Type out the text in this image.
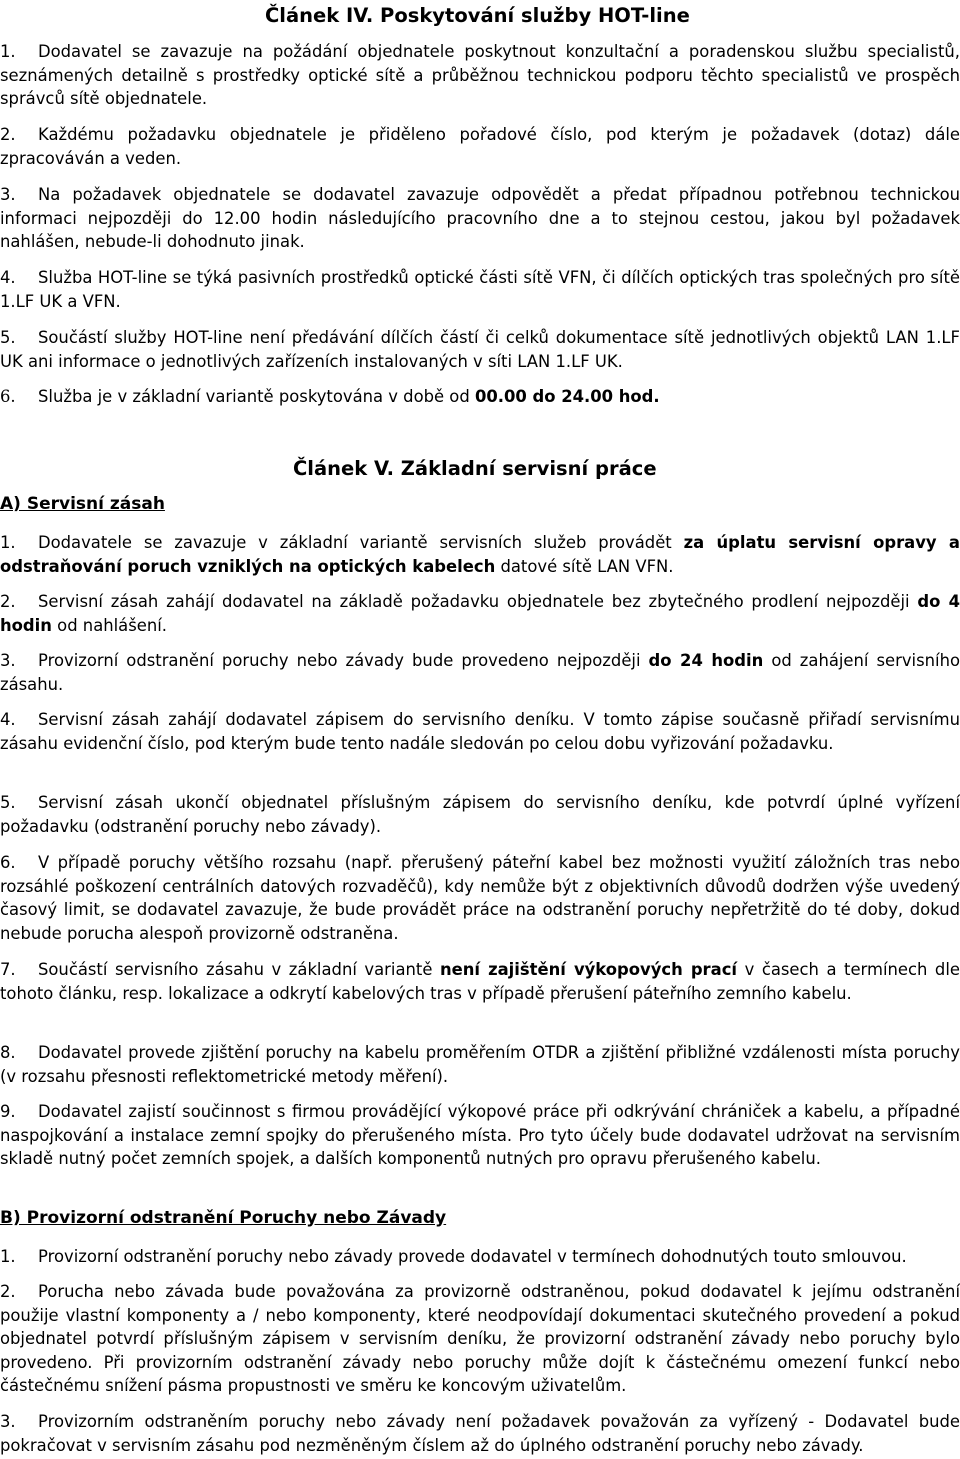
Článek IV. Poskytování služby HOT-line
1.	Dodavatel se zavazuje na požádání objednatele poskytnout konzultační a poradenskou službu specialistů, seznámených detailně s prostředky optické sítě a průběžnou technickou podporu těchto specialistů ve prospěch správců sítě objednatele.
2.	Každému požadavku objednatele je přiděleno pořadové číslo, pod kterým je požadavek (dotaz) dále zpracováván a veden.
3.	Na požadavek objednatele se dodavatel zavazuje odpovědět a předat případnou potřebnou technickou informaci nejpozději do 12.00 hodin následujícího pracovního dne a to stejnou cestou, jakou byl požadavek nahlášen, nebude-li dohodnuto jinak.
4.	Služba HOT-line se týká pasivních prostředků optické části sítě VFN, či dílčích optických tras společných pro sítě 1.LF UK a VFN.
5.	Součástí služby HOT-line není předávání dílčích částí či celků dokumentace sítě jednotlivých objektů LAN 1.LF UK ani informace o jednotlivých zařízeních instalovaných v síti LAN 1.LF UK.
6.	Služba je v základní variantě poskytována v době od 00.00 do 24.00 hod.
Článek V. Základní servisní práce
A) Servisní zásah
1.	Dodavatele se zavazuje v základní variantě servisních služeb provádět za úplatu servisní opravy a odstraňování poruch vzniklých na optických kabelech datové sítě LAN VFN.
2.	Servisní zásah zahájí dodavatel na základě požadavku objednatele bez zbytečného prodlení nejpozději do 4 hodin od nahlášení.
3.	Provizorní odstranění poruchy nebo závady bude provedeno nejpozději do 24 hodin od zahájení servisního zásahu.
4.	Servisní zásah zahájí dodavatel zápisem do servisního deníku. V tomto zápise současně přiřadí servisnímu zásahu evidenční číslo, pod kterým bude tento nadále sledován po celou dobu vyřizování požadavku.
5.	Servisní zásah ukončí objednatel příslušným zápisem do servisního deníku, kde potvrdí úplné vyřízení požadavku (odstranění poruchy nebo závady).
6.	V případě poruchy většího rozsahu (např. přerušený páteřní kabel bez možnosti využití záložních tras nebo rozsáhlé poškození centrálních datových rozvaděčů), kdy nemůže být z objektivních důvodů dodržen výše uvedený časový limit, se dodavatel zavazuje, že bude provádět práce na odstranění poruchy nepřetržitě do té doby, dokud nebude porucha alespoň provizorně odstraněna.
7.	Součástí servisního zásahu v základní variantě není zajištění výkopových prací v časech a termínech dle tohoto článku, resp. lokalizace a odkrytí kabelových tras v případě přerušení páteřního zemního kabelu.
8.	Dodavatel provede zjištění poruchy na kabelu proměřením OTDR a zjištění přibližné vzdálenosti místa poruchy (v rozsahu přesnosti reflektometrické metody měření).
9.	Dodavatel zajistí součinnost s firmou provádějící výkopové práce při odkrývání chrániček a kabelu, a případné naspojkování a instalace zemní spojky do přerušeného místa. Pro tyto účely bude dodavatel udržovat na servisním skladě nutný počet zemních spojek, a dalších komponentů nutných pro opravu přerušeného kabelu.
B) Provizorní odstranění Poruchy nebo Závady
1.	Provizorní odstranění poruchy nebo závady provede dodavatel v termínech dohodnutých touto smlouvou.
2.	Porucha nebo závada bude považována za provizorně odstraněnou, pokud dodavatel k jejímu odstranění použije vlastní komponenty a / nebo komponenty, které neodpovídají dokumentaci skutečného provedení a pokud objednatel potvrdí příslušným zápisem v servisním deníku, že provizorní odstranění závady nebo poruchy bylo provedeno. Při provizorním odstranění závady nebo poruchy může dojít k částečnému omezení funkcí nebo částečnému snížení pásma propustnosti ve směru ke koncovým uživatelům.
3.	Provizorním odstraněním poruchy nebo závady není požadavek považován za vyřízený - Dodavatel bude pokračovat v servisním zásahu pod nezměněným číslem až do úplného odstranění poruchy nebo závady.
